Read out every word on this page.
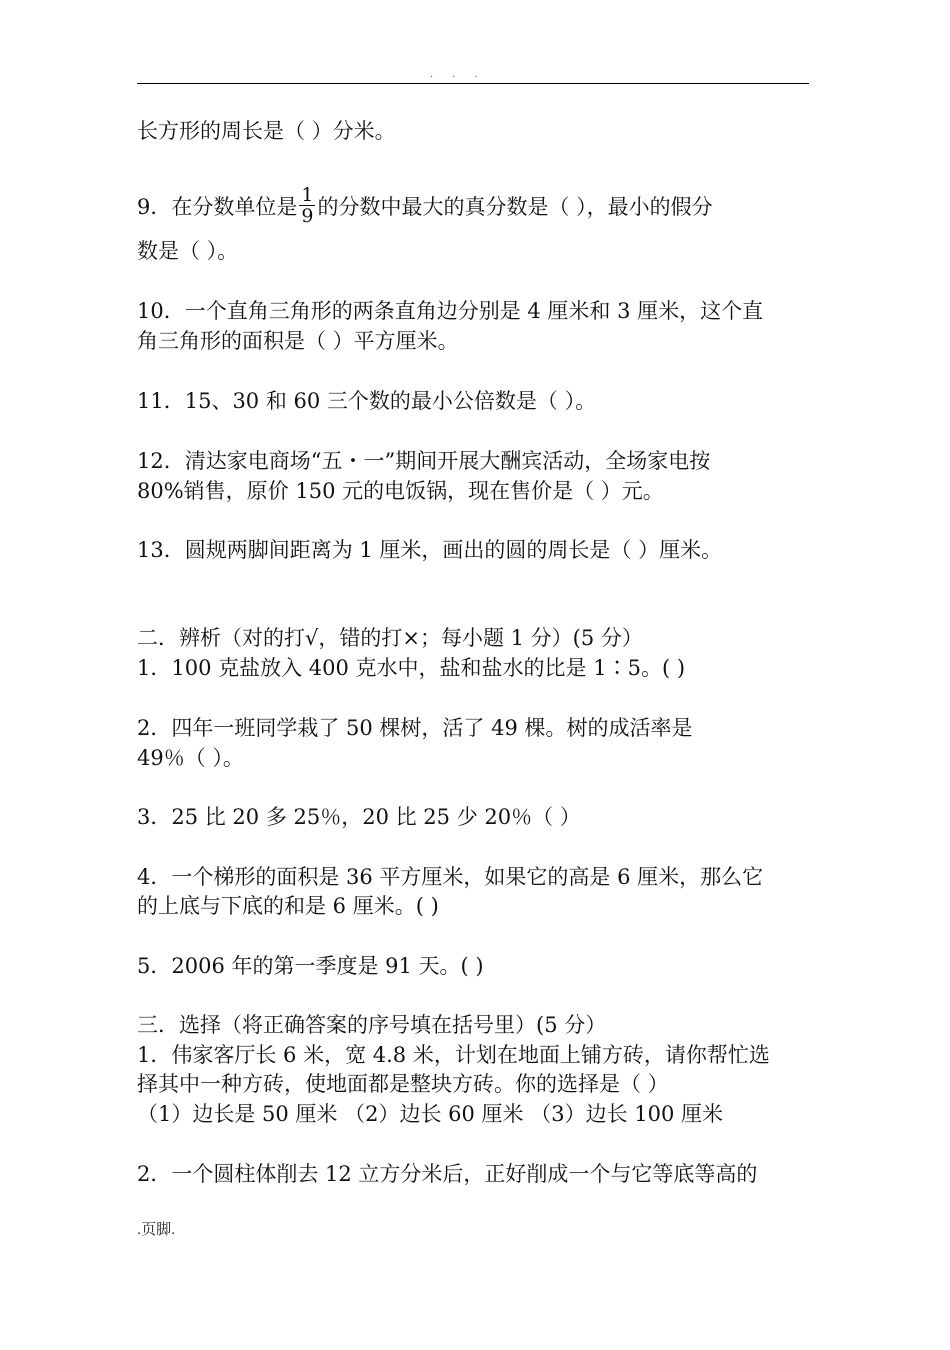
. . .
长方形的周长是（ ）分米。
9．在分数单位是 $\frac{1}{9}$ 的分数中最大的真分数是（ ），最小的假分
数是（ ）。
10．一个直角三角形的两条直角边分别是 4 厘米和 3 厘米，这个直
角三角形的面积是（ ）平方厘米。
11．15、30 和 60 三个数的最小公倍数是（ ）。
12．清达家电商场“五・一”期间开展大酬宾活动，全场家电按
80%销售，原价 150 元的电饭锅，现在售价是（ ）元。
13．圆规两脚间距离为 1 厘米，画出的圆的周长是（ ）厘米。
二．辨析（对的打√，错的打×；每小题 1 分）(5 分）
1．100 克盐放入 400 克水中，盐和盐水的比是 1∶5。( )
2．四年一班同学栽了 50 棵树，活了 49 棵。树的成活率是
49％（ ）。
3．25 比 20 多 25％，20 比 25 少 20％（ ）
4．一个梯形的面积是 36 平方厘米，如果它的高是 6 厘米，那么它
的上底与下底的和是 6 厘米。( )
5．2006 年的第一季度是 91 天。( )
三．选择（将正确答案的序号填在括号里）(5 分）
1．伟家客厅长 6 米，宽 4.8 米，计划在地面上铺方砖，请你帮忙选
择其中一种方砖，使地面都是整块方砖。你的选择是（ ）
（1）边长是 50 厘米 （2）边长 60 厘米 （3）边长 100 厘米
2．一个圆柱体削去 12 立方分米后，正好削成一个与它等底等高的
.页脚.
